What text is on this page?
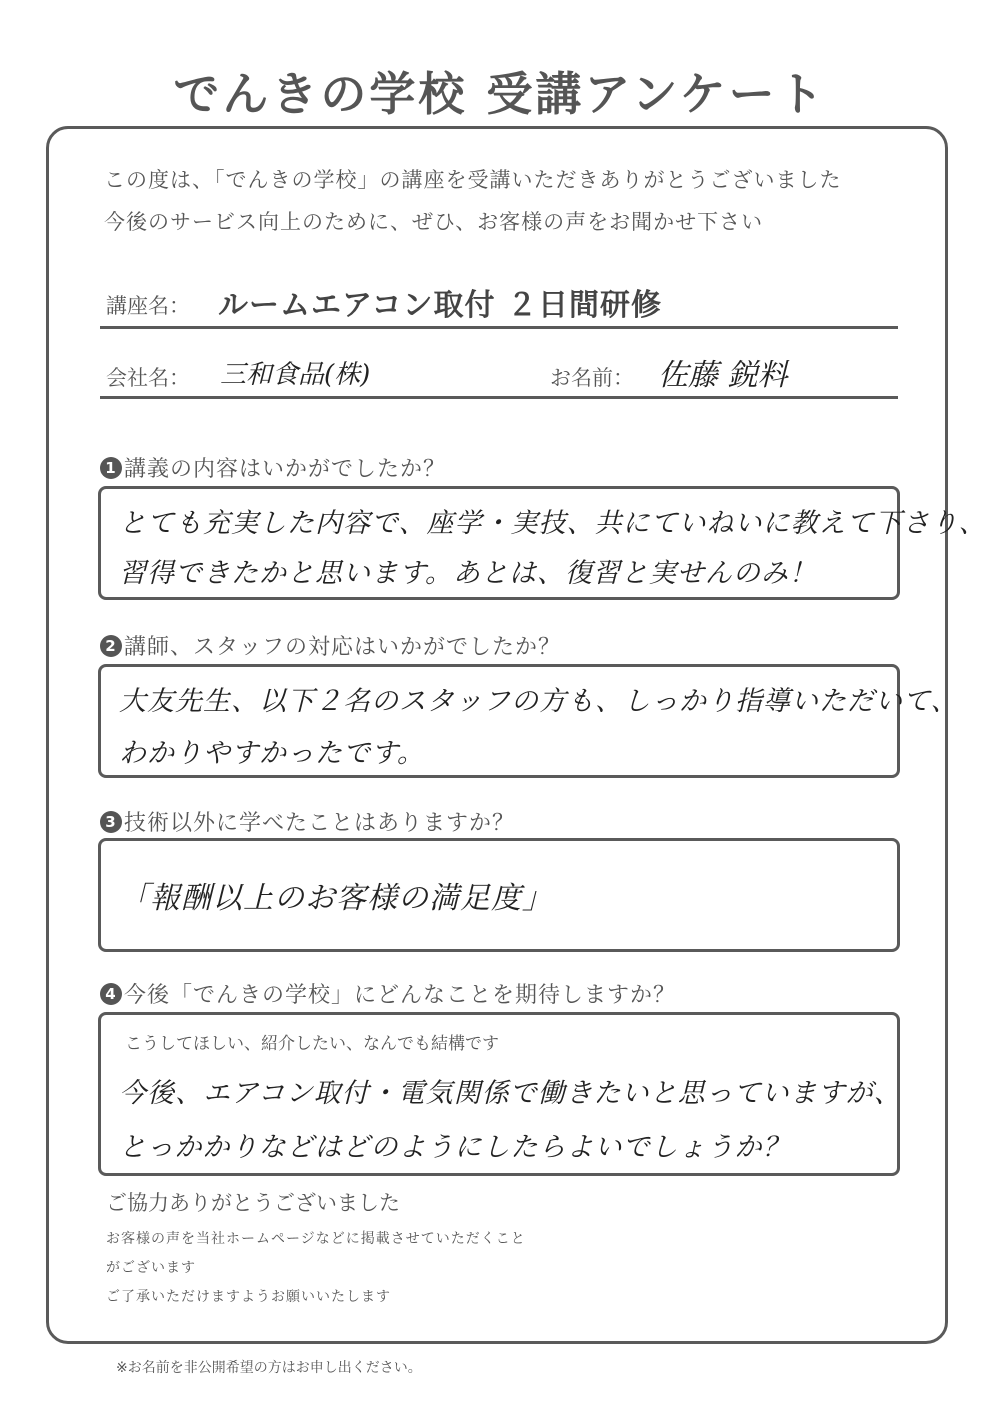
でんきの学校 受講アンケート
この度は、「でんきの学校」の講座を受講いただきありがとうございました
今後のサービス向上のために、ぜひ、お客様の声をお聞かせ下さい
講座名： ルームエアコン取付 ２日間研修
会社名： 三和食品(株)	お名前： 佐藤 鋭料
1 講義の内容はいかがでしたか？
とても充実した内容で、座学・実技、共にていねいに教えて下さり、
習得できたかと思います。あとは、復習と実せんのみ！
2 講師、スタッフの対応はいかがでしたか？
大友先生、以下２名のスタッフの方も、しっかり指導いただいて、
わかりやすかったです。
3 技術以外に学べたことはありますか？
「報酬以上のお客様の満足度」
4 今後「でんきの学校」にどんなことを期待しますか？
こうしてほしい、紹介したい、なんでも結構です
今後、エアコン取付・電気関係で働きたいと思っていますが、
とっかかりなどはどのようにしたらよいでしょうか？
ご協力ありがとうございました
お客様の声を当社ホームページなどに掲載させていただくこと
がございます
ご了承いただけますようお願いいたします
※お名前を非公開希望の方はお申し出ください。
